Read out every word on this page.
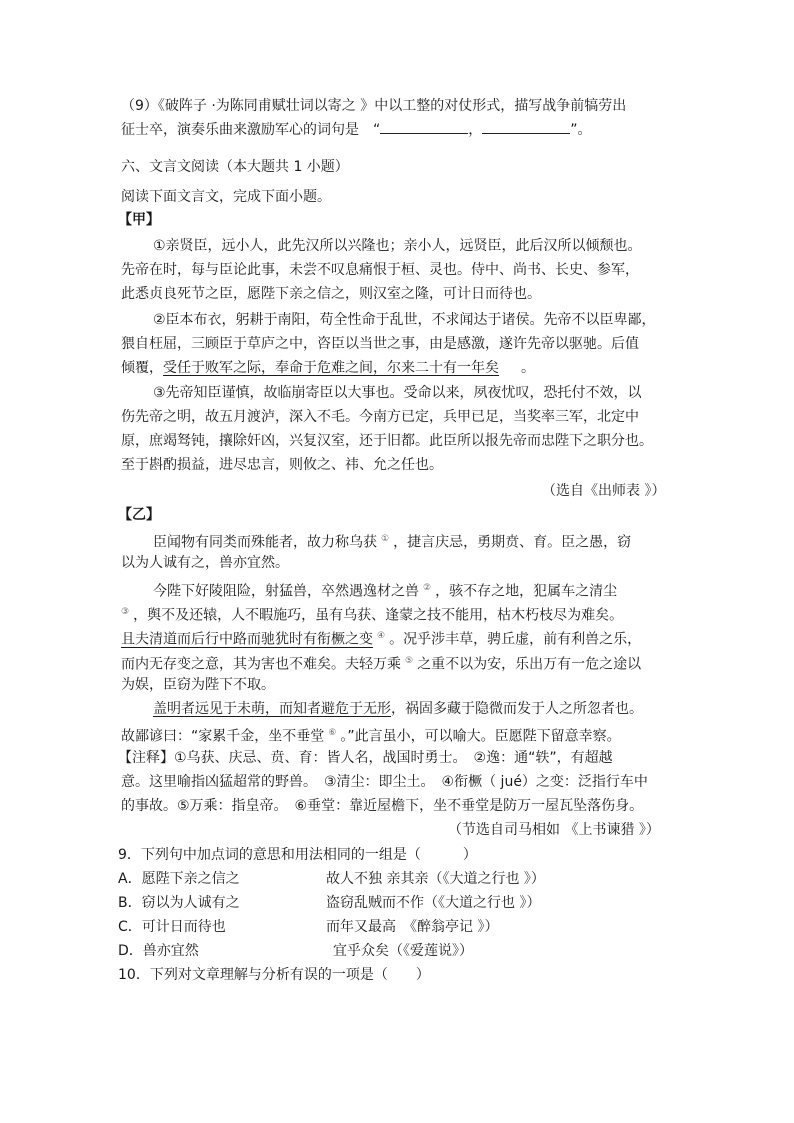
（9）《破阵子 ·为陈同甫赋壮词以寄之 》中以工整的对仗形式，描写战争前犒劳出
征士卒，演奏乐曲来激励军心的词句是　“	，	”。
六、文言文阅读（本大题共 1 小题）
阅读下面文言文，完成下面小题。
【甲】
①亲贤臣，远小人，此先汉所以兴隆也；亲小人，远贤臣，此后汉所以倾颓也。
先帝在时，每与臣论此事，未尝不叹息痛恨于桓、灵也。侍中、尚书、长史、参军，
此悉贞良死节之臣，愿陛下亲之信之，则汉室之隆，可计日而待也。
②臣本布衣，躬耕于南阳，苟全性命于乱世，不求闻达于诸侯。先帝不以臣卑鄙，
猥自枉屈，三顾臣于草庐之中，咨臣以当世之事，由是感激，遂许先帝以驱驰。后值
倾覆，受任于败军之际，奉命于危难之间，尔来二十有一年矣 。
③先帝知臣谨慎，故临崩寄臣以大事也。受命以来，夙夜忧叹，恐托付不效，以
伤先帝之明，故五月渡泸，深入不毛。今南方已定，兵甲已足，当奖率三军，北定中
原，庶竭驽钝，攘除奸凶，兴复汉室，还于旧都。此臣所以报先帝而忠陛下之职分也。
至于斟酌损益，进尽忠言，则攸之、祎、允之任也。
（选自《出师表 》）
【乙】
臣闻物有同类而殊能者，故力称乌获 ① ，捷言庆忌，勇期贲、育。臣之愚，窃
以为人诚有之，兽亦宜然。
今陛下好陵阻险，射猛兽，卒然遇逸材之兽 ② ，骇不存之地，犯属车之清尘
③ ，舆不及还辕，人不暇施巧，虽有乌获、逢蒙之技不能用，枯木朽枝尽为难矣。
且夫清道而后行中路而驰犹时有衔橛之变 ④ 。况乎涉丰草，骋丘虚，前有利兽之乐，
而内无存变之意，其为害也不难矣。夫轻万乘 ⑤ 之重不以为安，乐出万有一危之途以
为娱，臣窃为陛下不取。
盖明者远见于未萌，而知者避危于无形，祸固多藏于隐微而发于人之所忽者也。
故鄙谚曰：“家累千金，坐不垂堂 ⑥ 。”此言虽小，可以喻大。臣愿陛下留意幸察。
【注释】①乌获、庆忌、贲、育：皆人名，战国时勇士。　②逸：通“轶”，有超越
意。这里喻指凶猛超常的野兽。　③清尘：即尘土。　④衔橛（ jué）之变：泛指行车中
的事故。⑤万乘：指皇帝。　⑥垂堂：靠近屋檐下，坐不垂堂是防万一屋瓦坠落伤身。
（节选自司马相如 《上书谏猎 》）
9．下列句中加点词的意思和用法相同的一组是（　　　）
A．愿陛下亲之信之	故人不独 亲其亲（《大道之行也 》）
B．窃以为人诚有之	盗窃乱贼而不作（《大道之行也 》）
C．可计日而待也	而年又最高　《醉翁亭记 》）
D．兽亦宜然	宜乎众矣（《爱莲说》）
10．下列对文章理解与分析有误的一项是（　　）
